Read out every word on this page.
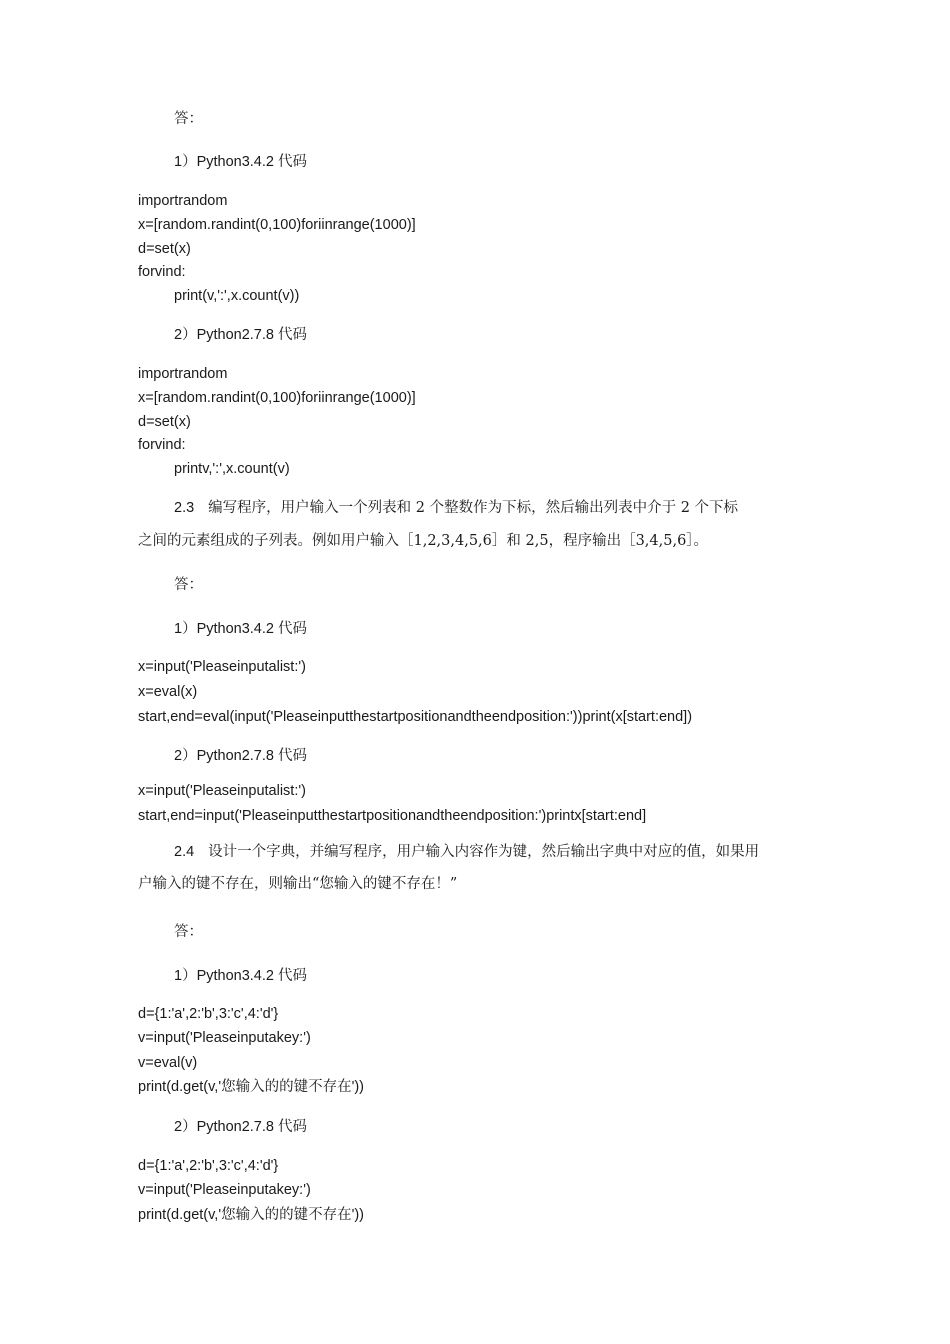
答：
1）Python3.4.2 代码
importrandom
x=[random.randint(0,100)foriinrange(1000)]
d=set(x)
forvind:
print(v,':',x.count(v))
2）Python2.7.8 代码
importrandom
x=[random.randint(0,100)foriinrange(1000)]
d=set(x)
forvind:
printv,':',x.count(v)
2.3 编写程序，用户输入一个列表和 2 个整数作为下标，然后输出列表中介于 2 个下标
之间的元素组成的子列表。例如用户输入［1,2,3,4,5,6］和 2,5，程序输出［3,4,5,6］。
答：
1）Python3.4.2 代码
x=input('Pleaseinputalist:')
x=eval(x)
start,end=eval(input('Pleaseinputthestartpositionandtheendposition:'))print(x[start:end])
2）Python2.7.8 代码
x=input('Pleaseinputalist:')
start,end=input('Pleaseinputthestartpositionandtheendposition:')printx[start:end]
2.4 设计一个字典，并编写程序，用户输入内容作为键，然后输出字典中对应的值，如果用
户输入的键不存在，则输出“您输入的键不存在！”
答：
1）Python3.4.2 代码
d={1:'a',2:'b',3:'c',4:'d'}
v=input('Pleaseinputakey:')
v=eval(v)
print(d.get(v,'您输入的的键不存在'))
2）Python2.7.8 代码
d={1:'a',2:'b',3:'c',4:'d'}
v=input('Pleaseinputakey:')
print(d.get(v,'您输入的的键不存在'))
